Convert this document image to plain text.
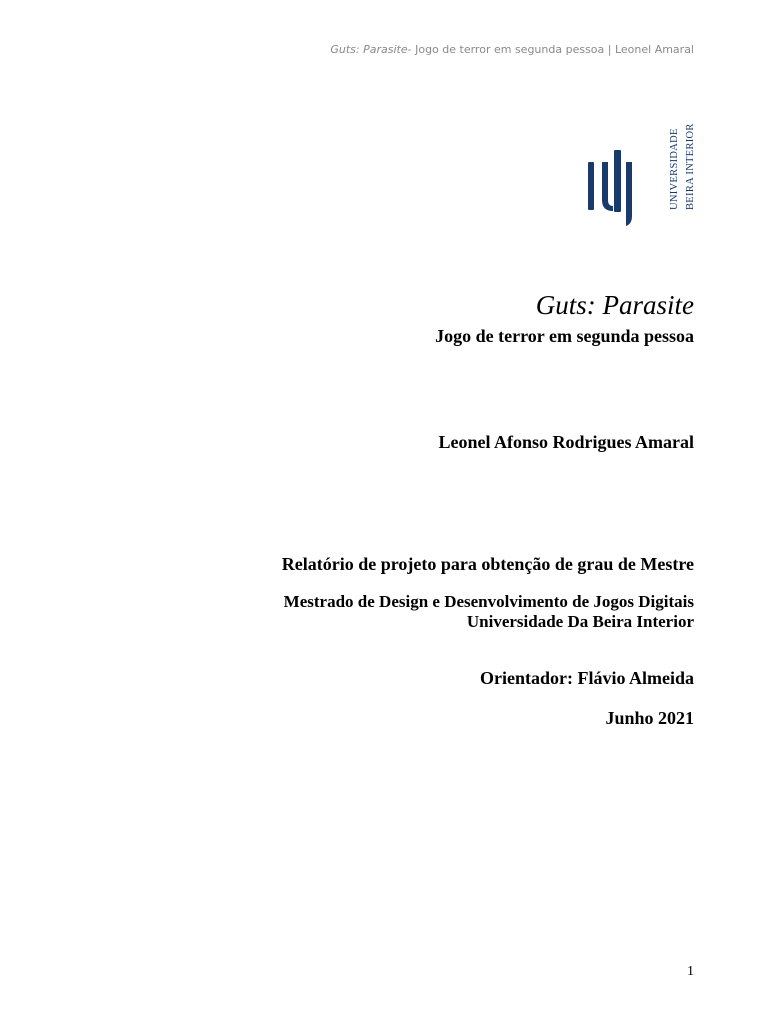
Guts: Parasite- Jogo de terror em segunda pessoa | Leonel Amaral
UNIVERSIDADE BEIRA INTERIOR
Guts: Parasite
Jogo de terror em segunda pessoa
Leonel Afonso Rodrigues Amaral
Relatório de projeto para obtenção de grau de Mestre
Mestrado de Design e Desenvolvimento de Jogos Digitais
Universidade Da Beira Interior
Orientador: Flávio Almeida
Junho 2021
1
